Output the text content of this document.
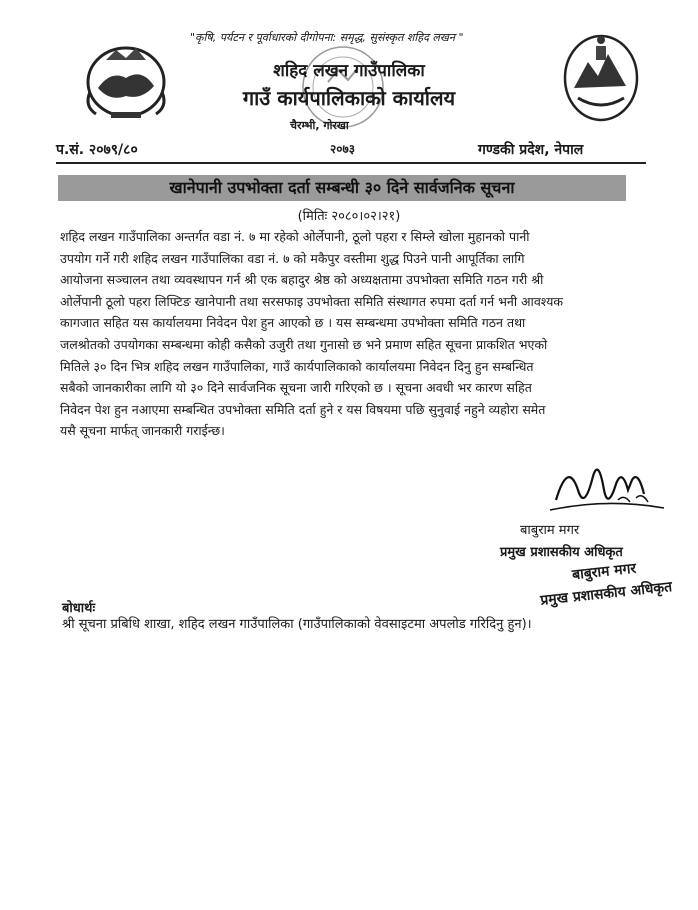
"कृषि, पर्यटन र पूर्वाधारको दीगोपना: समृद्ध, सुसंस्कृत शहिद लखन "
शहिद लखन गाउँपालिका
गाउँ कार्यपालिकाको कार्यालय
चैरम्भी, गोरखा
२०७३
प.सं. २०७९/८०	गण्डकी प्रदेश, नेपाल
खानेपानी उपभोक्ता दर्ता सम्बन्धी ३० दिने सार्वजनिक सूचना
(मितिः २०८०।०२।२१)
शहिद लखन गाउँपालिका अन्तर्गत वडा नं. ७ मा रहेको ओर्लेपानी, ठूलो पहरा र सिम्ले खोला मुहानको पानी
उपयोग गर्ने गरी शहिद लखन गाउँपालिका वडा नं. ७ को मकैपुर वस्तीमा शुद्ध पिउने पानी आपूर्तिका लागि
आयोजना सञ्चालन तथा व्यवस्थापन गर्न श्री एक बहादुर श्रेष्ठ को अध्यक्षतामा उपभोक्ता समिति गठन गरी श्री
ओर्लेपानी ठूलो पहरा लिफ्टिङ खानेपानी तथा सरसफाइ उपभोक्ता समिति संस्थागत रुपमा दर्ता गर्न भनी आवश्यक
कागजात सहित यस कार्यालयमा निवेदन पेश हुन आएको छ । यस सम्बन्धमा उपभोक्ता समिति गठन तथा
जलश्रोतको उपयोगका सम्बन्धमा कोही कसैको उजुरी तथा गुनासो छ भने प्रमाण सहित सूचना प्राकशित भएको
मितिले ३० दिन भित्र शहिद लखन गाउँपालिका, गाउँ कार्यपालिकाको कार्यालयमा निवेदन दिनु हुन सम्बन्धित
सबैको जानकारीका लागि यो ३० दिने सार्वजनिक सूचना जारी गरिएको छ । सूचना अवधी भर कारण सहित
निवेदन पेश हुन नआएमा सम्बन्धित उपभोक्ता समिति दर्ता हुने र यस विषयमा पछि सुनुवाई नहुने व्यहोरा समेत
यसै सूचना मार्फत् जानकारी गराईन्छ।
बाबुराम मगर
प्रमुख प्रशासकीय अधिकृत
बाबुराम मगर
प्रमुख प्रशासकीय अधिकृत
बोधार्थः
श्री सूचना प्रबिधि शाखा, शहिद लखन गाउँपालिका (गाउँपालिकाको वेवसाइटमा अपलोड गरिदिनु हुन)।
